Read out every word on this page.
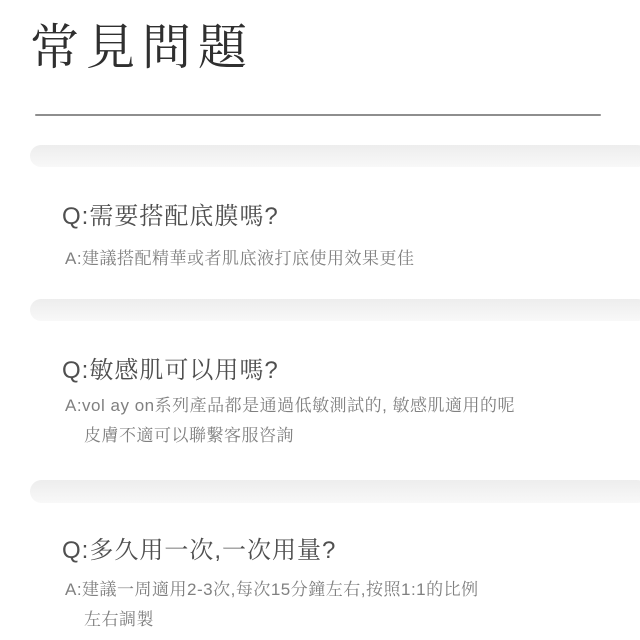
常見問題
Q:需要搭配底膜嗎?
A:建議搭配精華或者肌底液打底使用效果更佳
Q:敏感肌可以用嗎?
A:vol ay on系列產品都是通過低敏測試的, 敏感肌適用的呢
皮膚不適可以聯繫客服咨詢
Q:多久用一次,一次用量?
A:建議一周適用2-3次,每次15分鐘左右,按照1:1的比例
左右調製
